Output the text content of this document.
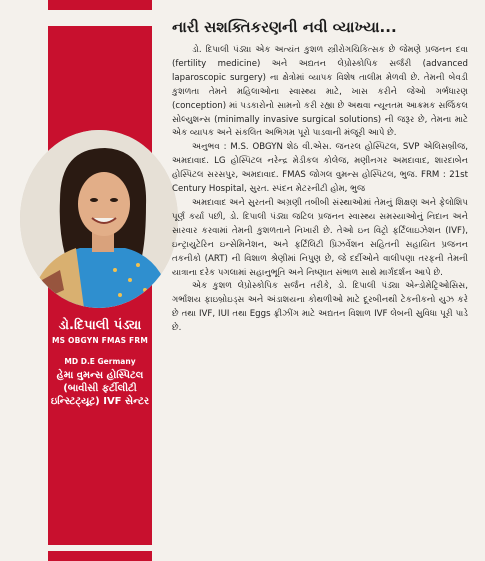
ડો.દિપાલી પંડ્યા
MS OBGYN FMAS FRM
MD D.E Germany
હેમા વુમન્સ હોસ્પિટલ (બાવીસી ફર્ટીલીટી ઇન્સ્ટિટ્યૂટ) IVF સેન્ટર
નારી સશક્તિકરણની નવી વ્યાખ્યા...

ડો. દિપાલી પંડ્યા એક અત્યંત કુશળ સ્ત્રીરોગચિકિત્સક છે જેમણે પ્રજનન દવા (fertility medicine) અને અદ્યતન લેપ્રોસ્કોપિક સર્જરી (advanced laparoscopic surgery) ના ક્ષેત્રોમાં વ્યાપક વિશેષ તાલીમ મેળવી છે. તેમની બેવડી કુશળતા તેમને મહિલાઓના સ્વાસ્થ્ય માટે, ખાસ કરીને જેઓ ગર્ભધારણ (conception) માં પડકારોનો સામનો કરી રહ્યા છે અથવા ન્યૂનતમ આક્રમક સર્જિકલ સોલ્યુશન્સ (minimally invasive surgical solutions) ની જરૂર છે, તેમના માટે એક વ્યાપક અને સંકલિત અભિગમ પૂરો પાડવાની મંજૂરી આપે છે.

અનુભવ : M.S. OBGYN શેઠ વી.એસ. જનરલ હોસ્પિટલ, SVP એલિસબ્રીજ, અમદાવાદ. LG હોસ્પિટલ નરેન્દ્ર મેડીકલ કોલેજ, મણીનગર અમદાવાદ, શારદાબેન હોસ્પિટલ સરસપુર, અમદાવાદ. FMAS જોગલ વુમન્સ હોસ્પિટલ, ભુજ. FRM : 21st Century Hospital, સુરત. સ્પંદન મેટરનીટી હોમ, ભુજ

અમદાવાદ અને સુરતની અગ્રણી તબીબી સંસ્થાઓમાં તેમનું શિક્ષણ અને ફેલોશિપ પૂર્ણ કર્યા પછી, ડો. દિપાલી પંડ્યા જટિલ પ્રજનન સ્વાસ્થ્ય સમસ્યાઓનું નિદાન અને સારવાર કરવામાં તેમની કુશળતાને નિખારી છે. તેઓ ઇન વિટ્રો ફર્ટિલાઇઝેશન (IVF), ઇન્ટ્રાયુટેરિન ઇન્સેમિનેશન, અને ફર્ટિલિટી પ્રિઝર્વેશન સહિતની સહાયિત પ્રજનન તકનીકો (ART) ની વિશાળ શ્રેણીમાં નિપુણ છે, જે દર્દીઓને વાલીપણા તરફની તેમની યાત્રાના દરેક પગલામાં સહાનુભૂતિ અને નિષ્ણાત સંભાળ સાથે માર્ગદર્શન આપે છે.

એક કુશળ લેપ્રોસ્કોપિક સર્જન તરીકે, ડો. દિપાલી પંડ્યા એન્ડોમેટ્રિઓસિસ, ગર્ભાશય ફાઇબ્રોઇડ્સ અને અંડાશયના કોથળીઓ માટે દૂરબીનથી ટેકનીકનો યુઝ કરે છે તથા IVF, IUI તથા Eggs ફ્રીઝીંગ માટે અદ્યતન વિશાળ IVF લેબની સુવિધા પૂરી પાડે છે.
